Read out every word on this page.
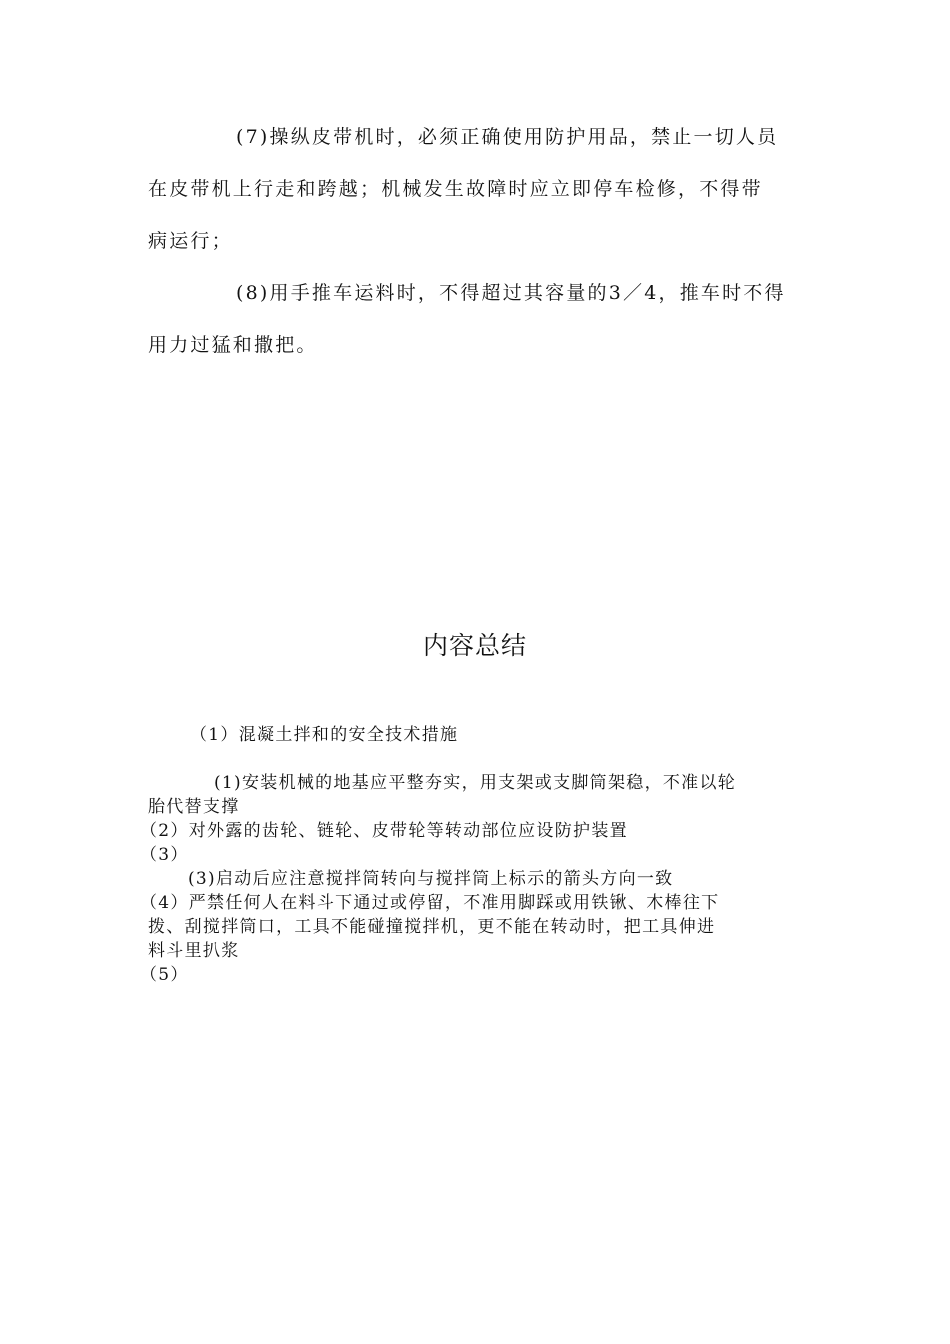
(7)操纵皮带机时，必须正确使用防护用品，禁止一切人员
在皮带机上行走和跨越；机械发生故障时应立即停车检修，不得带
病运行；
(8)用手推车运料时，不得超过其容量的3／4，推车时不得
用力过猛和撒把。
内容总结
（1）混凝土拌和的安全技术措施
(1)安装机械的地基应平整夯实，用支架或支脚筒架稳，不准以轮
胎代替支撑
（2）对外露的齿轮、链轮、皮带轮等转动部位应设防护装置
（3）
(3)启动后应注意搅拌筒转向与搅拌筒上标示的箭头方向一致
（4）严禁任何人在料斗下通过或停留，不准用脚踩或用铁锹、木棒往下
拨、刮搅拌筒口，工具不能碰撞搅拌机，更不能在转动时，把工具伸进
料斗里扒浆
（5）
